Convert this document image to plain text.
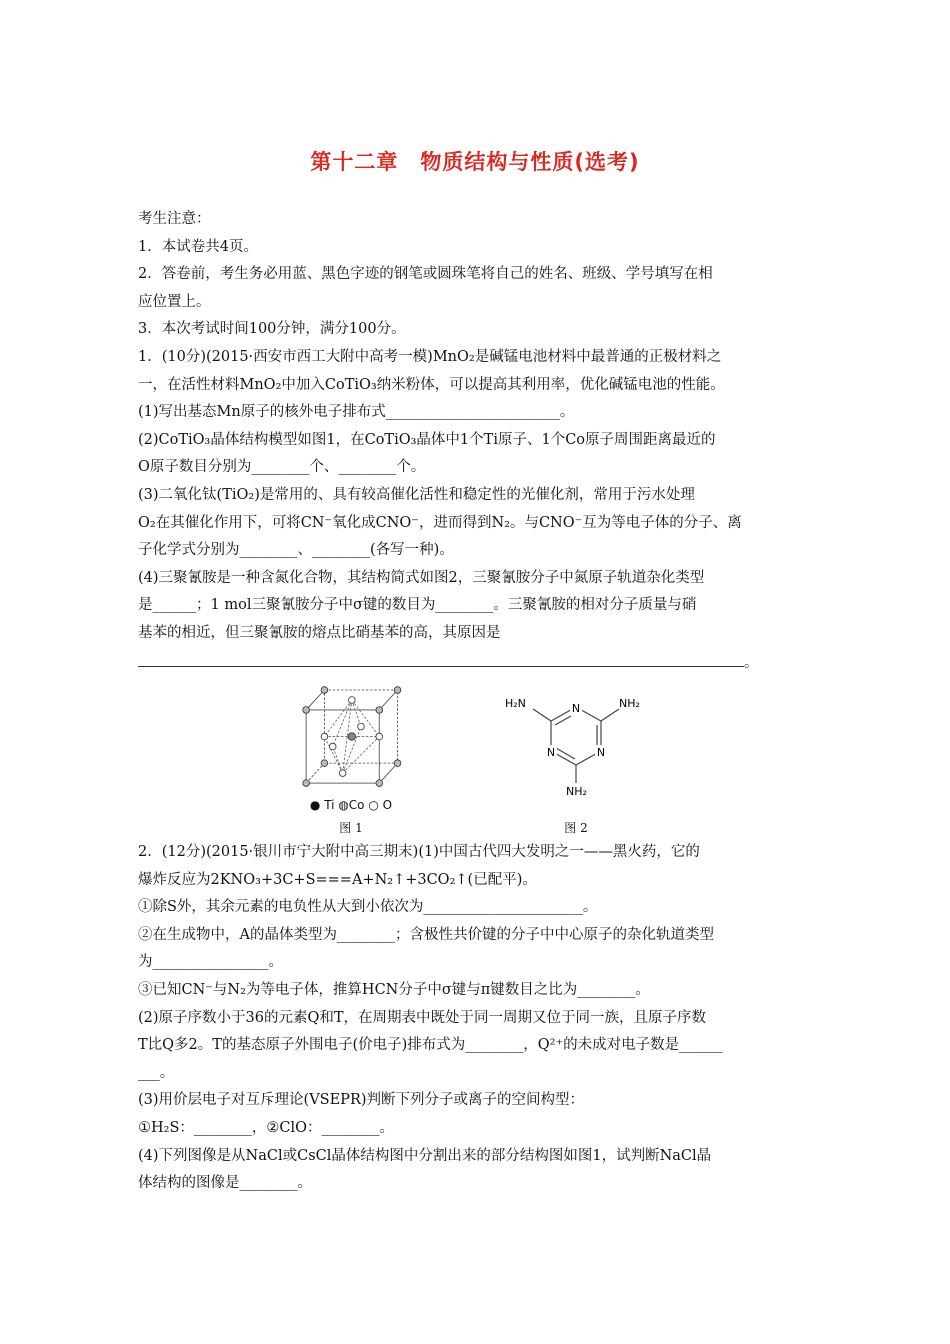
第十二章　物质结构与性质(选考)

考生注意：

1．本试卷共4页。

2．答卷前，考生务必用蓝、黑色字迹的钢笔或圆珠笔将自己的姓名、班级、学号填写在相

应位置上。

3．本次考试时间100分钟，满分100分。

1．(10分)(2015·西安市西工大附中高考一模)MnO₂是碱锰电池材料中最普通的正极材料之

一，在活性材料MnO₂中加入CoTiO₃纳米粉体，可以提高其利用率，优化碱锰电池的性能。

(1)写出基态Mn原子的核外电子排布式________________________。

(2)CoTiO₃晶体结构模型如图1，在CoTiO₃晶体中1个Ti原子、1个Co原子周围距离最近的

O原子数目分别为________个、________个。

(3)二氧化钛(TiO₂)是常用的、具有较高催化活性和稳定性的光催化剂，常用于污水处理

O₂在其催化作用下，可将CN⁻氧化成CNO⁻，进而得到N₂。与CNO⁻互为等电子体的分子、离

子化学式分别为________、________(各写一种)。

(4)三聚氰胺是一种含氮化合物，其结构简式如图2，三聚氰胺分子中氮原子轨道杂化类型

是______；1 mol三聚氰胺分子中σ键的数目为________。三聚氰胺的相对分子质量与硝

基苯的相近，但三聚氰胺的熔点比硝基苯的高，其原因是

。

● Ti ◍Co ○ O
图 1
N
N
N
H₂N	NH₂
NH₂
图 2

2．(12分)(2015·银川市宁大附中高三期末)(1)中国古代四大发明之一——黑火药，它的

爆炸反应为2KNO₃+3C+S===A+N₂↑+3CO₂↑(已配平)。

①除S外，其余元素的电负性从大到小依次为______________________。

②在生成物中，A的晶体类型为________；含极性共价键的分子中中心原子的杂化轨道类型

为________________。

③已知CN⁻与N₂为等电子体，推算HCN分子中σ键与π键数目之比为________。

(2)原子序数小于36的元素Q和T，在周期表中既处于同一周期又位于同一族，且原子序数

T比Q多2。T的基态原子外围电子(价电子)排布式为________，Q²⁺的未成对电子数是______

___。

(3)用价层电子对互斥理论(VSEPR)判断下列分子或离子的空间构型：

①H₂S：________，②ClO：________。

(4)下列图像是从NaCl或CsCl晶体结构图中分割出来的部分结构图如图1，试判断NaCl晶

体结构的图像是________。
